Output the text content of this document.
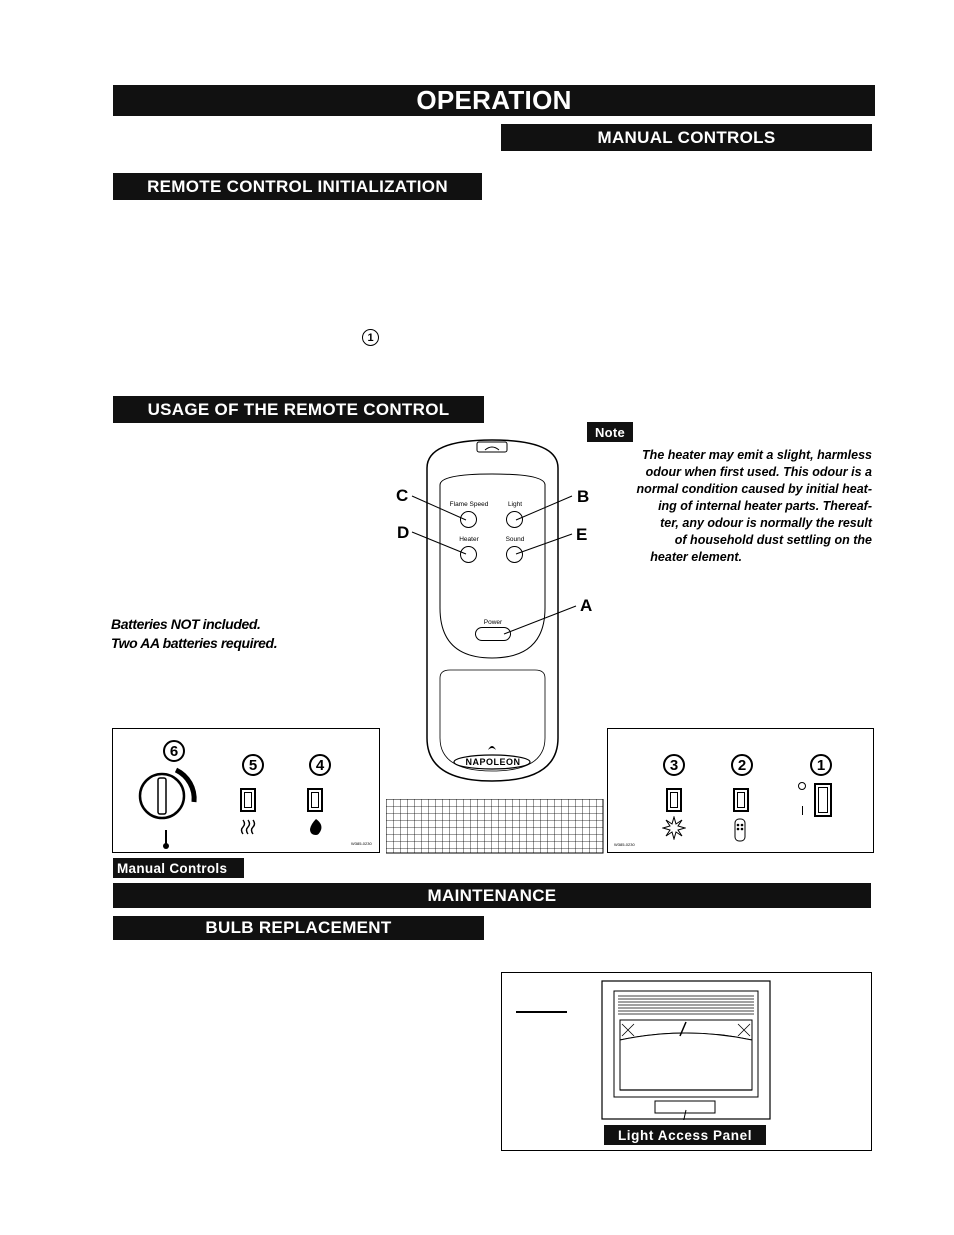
OPERATION
MANUAL CONTROLS
REMOTE CONTROL INITIALIZATION
1
USAGE OF THE REMOTE CONTROL
Note
The heater may emit a slight, harmless
odour when first used. This odour is a
normal condition caused by initial heat-
ing of internal heater parts. Thereaf-
ter, any odour is normally the result
of household dust settling on the
heater element.
Batteries NOT included.
Two AA batteries required.
Flame Speed	Light
Heater	Sound
Power
NAPOLEON
C	B
D	E
A
6
5	4
W385-0230
3	2	1
W385-0230
Manual Controls
MAINTENANCE
BULB REPLACEMENT
Light Access Panel
